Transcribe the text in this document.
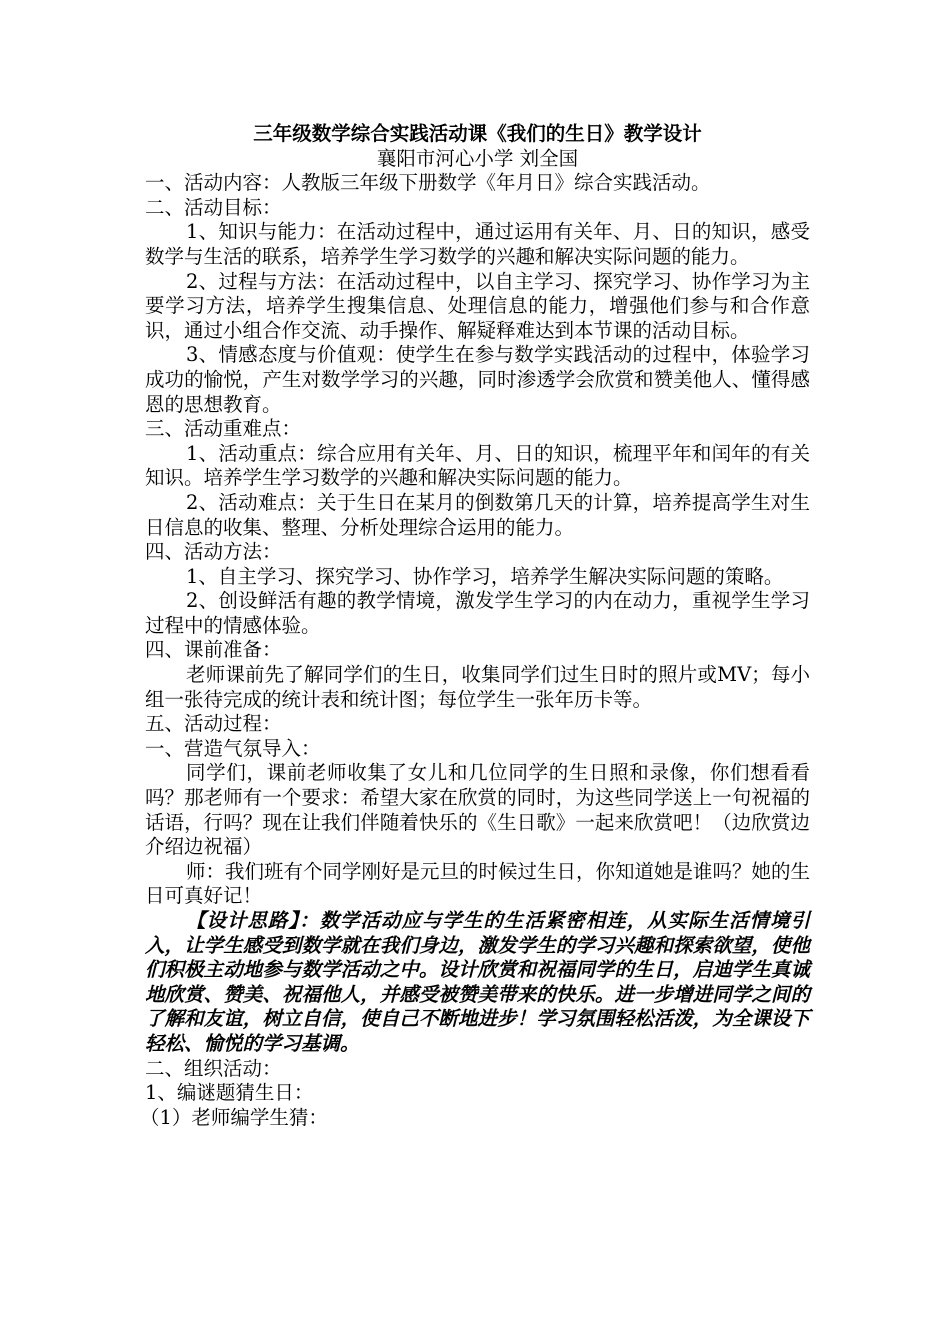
三年级数学综合实践活动课《我们的生日》教学设计
襄阳市河心小学 刘全国

一、活动内容：人教版三年级下册数学《年月日》综合实践活动。

二、活动目标：

1、知识与能力：在活动过程中，通过运用有关年、月、日的知识，感受数学与生活的联系，培养学生学习数学的兴趣和解决实际问题的能力。

2、过程与方法：在活动过程中，以自主学习、探究学习、协作学习为主要学习方法，培养学生搜集信息、处理信息的能力，增强他们参与和合作意识，通过小组合作交流、动手操作、解疑释难达到本节课的活动目标。

3、情感态度与价值观：使学生在参与数学实践活动的过程中，体验学习成功的愉悦，产生对数学学习的兴趣，同时渗透学会欣赏和赞美他人、懂得感恩的思想教育。

三、活动重难点：

1、活动重点：综合应用有关年、月、日的知识，梳理平年和闰年的有关知识。培养学生学习数学的兴趣和解决实际问题的能力。

2、活动难点：关于生日在某月的倒数第几天的计算，培养提高学生对生日信息的收集、整理、分析处理综合运用的能力。

四、活动方法：

1、自主学习、探究学习、协作学习，培养学生解决实际问题的策略。

2、创设鲜活有趣的教学情境，激发学生学习的内在动力，重视学生学习过程中的情感体验。

四、课前准备：

老师课前先了解同学们的生日，收集同学们过生日时的照片或MV；每小组一张待完成的统计表和统计图；每位学生一张年历卡等。

五、活动过程：

一、营造气氛导入：

同学们，课前老师收集了女儿和几位同学的生日照和录像，你们想看看吗？那老师有一个要求：希望大家在欣赏的同时，为这些同学送上一句祝福的话语，行吗？现在让我们伴随着快乐的《生日歌》一起来欣赏吧！（边欣赏边介绍边祝福）

师：我们班有个同学刚好是元旦的时候过生日，你知道她是谁吗？她的生日可真好记！

【设计思路】：数学活动应与学生的生活紧密相连，从实际生活情境引入，让学生感受到数学就在我们身边，激发学生的学习兴趣和探索欲望，使他们积极主动地参与数学活动之中。设计欣赏和祝福同学的生日，启迪学生真诚地欣赏、赞美、祝福他人，并感受被赞美带来的快乐。进一步增进同学之间的了解和友谊，树立自信，使自己不断地进步！学习氛围轻松活泼，为全课设下轻松、愉悦的学习基调。

二、组织活动：

1、编谜题猜生日：

（1）老师编学生猜：
